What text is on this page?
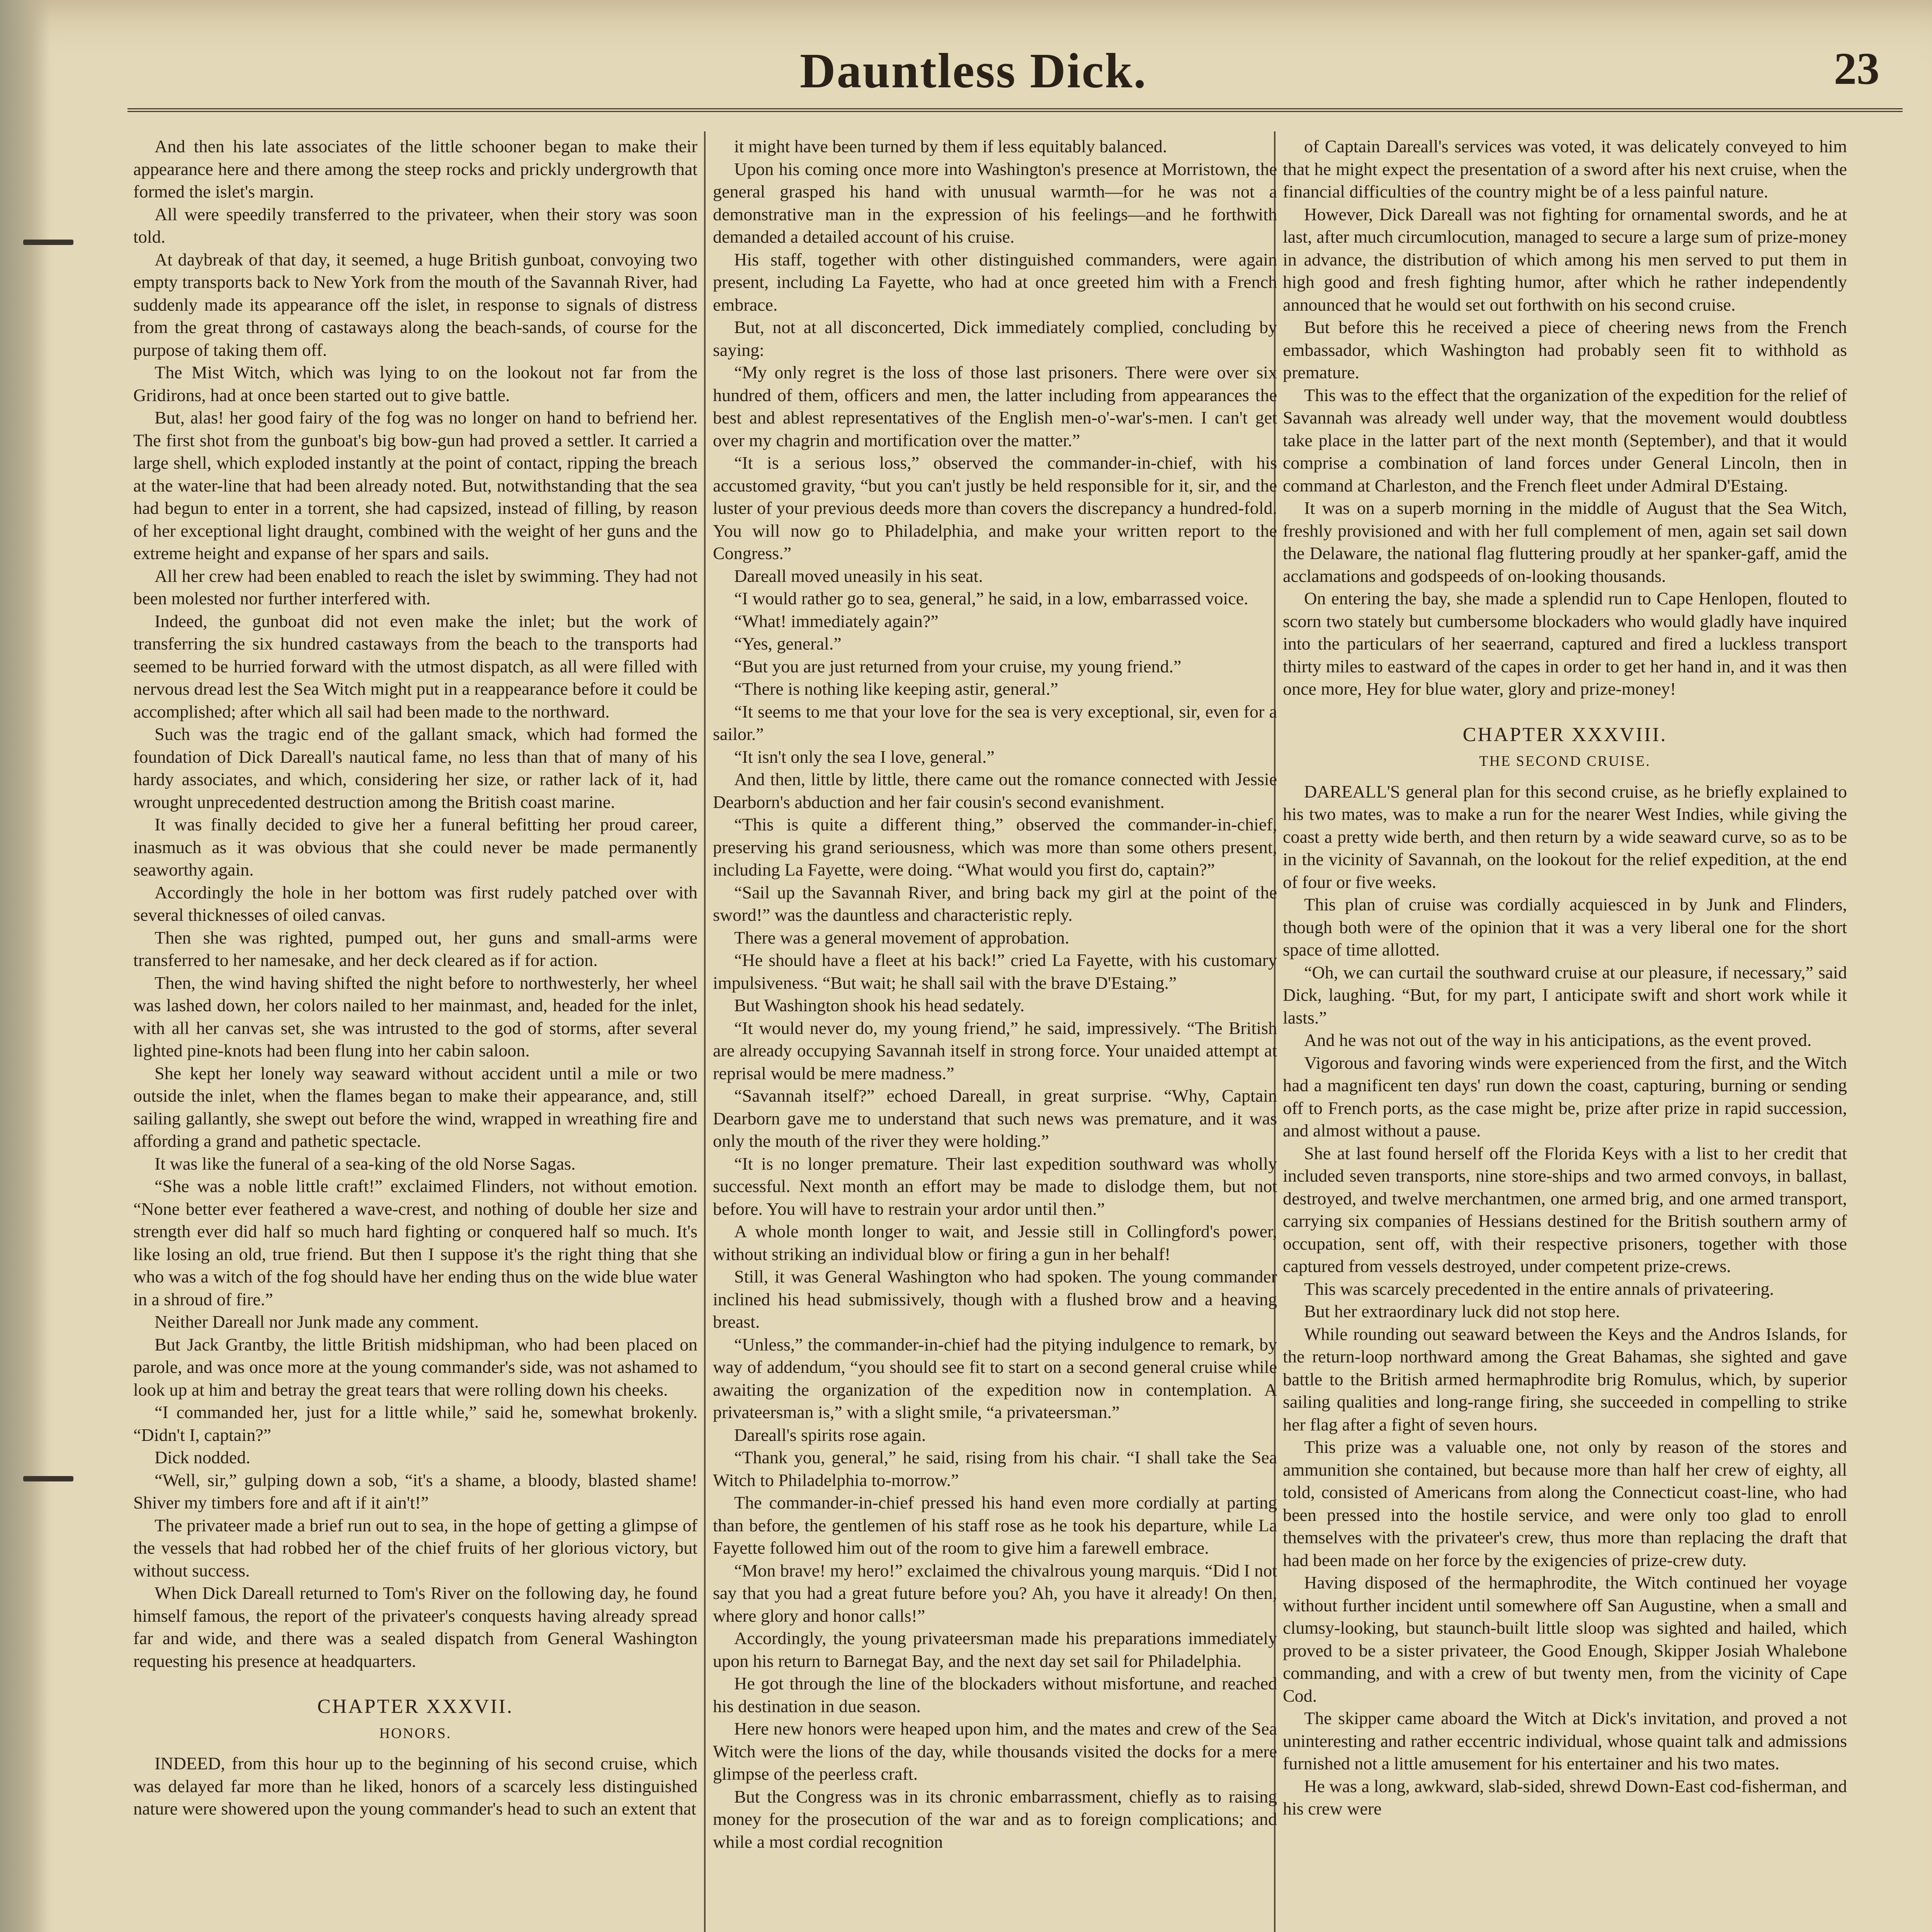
Dauntless Dick.	23

And then his late associates of the little schooner began to make their appearance here and there among the steep rocks and prickly undergrowth that formed the islet's margin.

All were speedily transferred to the privateer, when their story was soon told.

At daybreak of that day, it seemed, a huge British gunboat, convoying two empty transports back to New York from the mouth of the Savannah River, had suddenly made its appearance off the islet, in response to signals of distress from the great throng of castaways along the beach-sands, of course for the purpose of taking them off.

The Mist Witch, which was lying to on the lookout not far from the Gridirons, had at once been started out to give battle.

But, alas! her good fairy of the fog was no longer on hand to befriend her. The first shot from the gunboat's big bow-gun had proved a settler. It carried a large shell, which exploded instantly at the point of contact, ripping the breach at the water-line that had been already noted. But, notwithstanding that the sea had begun to enter in a torrent, she had capsized, instead of filling, by reason of her exceptional light draught, combined with the weight of her guns and the extreme height and expanse of her spars and sails.

All her crew had been enabled to reach the islet by swimming. They had not been molested nor further interfered with.

Indeed, the gunboat did not even make the inlet; but the work of transferring the six hundred castaways from the beach to the transports had seemed to be hurried forward with the utmost dispatch, as all were filled with nervous dread lest the Sea Witch might put in a reappearance before it could be accomplished; after which all sail had been made to the northward.

Such was the tragic end of the gallant smack, which had formed the foundation of Dick Dareall's nautical fame, no less than that of many of his hardy associates, and which, considering her size, or rather lack of it, had wrought unprecedented destruction among the British coast marine.

It was finally decided to give her a funeral befitting her proud career, inasmuch as it was obvious that she could never be made permanently seaworthy again.

Accordingly the hole in her bottom was first rudely patched over with several thicknesses of oiled canvas.

Then she was righted, pumped out, her guns and small-arms were transferred to her namesake, and her deck cleared as if for action.

Then, the wind having shifted the night before to northwesterly, her wheel was lashed down, her colors nailed to her mainmast, and, headed for the inlet, with all her canvas set, she was intrusted to the god of storms, after several lighted pine-knots had been flung into her cabin saloon.

She kept her lonely way seaward without accident until a mile or two outside the inlet, when the flames began to make their appearance, and, still sailing gallantly, she swept out before the wind, wrapped in wreathing fire and affording a grand and pathetic spectacle.

It was like the funeral of a sea-king of the old Norse Sagas.

“She was a noble little craft!” exclaimed Flinders, not without emotion. “None better ever feathered a wave-crest, and nothing of double her size and strength ever did half so much hard fighting or conquered half so much. It's like losing an old, true friend. But then I suppose it's the right thing that she who was a witch of the fog should have her ending thus on the wide blue water in a shroud of fire.”

Neither Dareall nor Junk made any comment.

But Jack Grantby, the little British midshipman, who had been placed on parole, and was once more at the young commander's side, was not ashamed to look up at him and betray the great tears that were rolling down his cheeks.

“I commanded her, just for a little while,” said he, somewhat brokenly. “Didn't I, captain?”

Dick nodded.

“Well, sir,” gulping down a sob, “it's a shame, a bloody, blasted shame! Shiver my timbers fore and aft if it ain't!”

The privateer made a brief run out to sea, in the hope of getting a glimpse of the vessels that had robbed her of the chief fruits of her glorious victory, but without success.

When Dick Dareall returned to Tom's River on the following day, he found himself famous, the report of the privateer's conquests having already spread far and wide, and there was a sealed dispatch from General Washington requesting his presence at headquarters.

CHAPTER XXXVII.
HONORS.

INDEED, from this hour up to the beginning of his second cruise, which was delayed far more than he liked, honors of a scarcely less distinguished nature were showered upon the young commander's head to such an extent that

it might have been turned by them if less equitably balanced.

Upon his coming once more into Washington's presence at Morristown, the general grasped his hand with unusual warmth—for he was not a demonstrative man in the expression of his feelings—and he forthwith demanded a detailed account of his cruise.

His staff, together with other distinguished commanders, were again present, including La Fayette, who had at once greeted him with a French embrace.

But, not at all disconcerted, Dick immediately complied, concluding by saying:

“My only regret is the loss of those last prisoners. There were over six hundred of them, officers and men, the latter including from appearances the best and ablest representatives of the English men-o'-war's-men. I can't get over my chagrin and mortification over the matter.”

“It is a serious loss,” observed the commander-in-chief, with his accustomed gravity, “but you can't justly be held responsible for it, sir, and the luster of your previous deeds more than covers the discrepancy a hundred-fold. You will now go to Philadelphia, and make your written report to the Congress.”

Dareall moved uneasily in his seat.

“I would rather go to sea, general,” he said, in a low, embarrassed voice.

“What! immediately again?”

“Yes, general.”

“But you are just returned from your cruise, my young friend.”

“There is nothing like keeping astir, general.”

“It seems to me that your love for the sea is very exceptional, sir, even for a sailor.”

“It isn't only the sea I love, general.”

And then, little by little, there came out the romance connected with Jessie Dearborn's abduction and her fair cousin's second evanishment.

“This is quite a different thing,” observed the commander-in-chief, preserving his grand seriousness, which was more than some others present, including La Fayette, were doing. “What would you first do, captain?”

“Sail up the Savannah River, and bring back my girl at the point of the sword!” was the dauntless and characteristic reply.

There was a general movement of approbation.

“He should have a fleet at his back!” cried La Fayette, with his customary impulsiveness. “But wait; he shall sail with the brave D'Estaing.”

But Washington shook his head sedately.

“It would never do, my young friend,” he said, impressively. “The British are already occupying Savannah itself in strong force. Your unaided attempt at reprisal would be mere madness.”

“Savannah itself?” echoed Dareall, in great surprise. “Why, Captain Dearborn gave me to understand that such news was premature, and it was only the mouth of the river they were holding.”

“It is no longer premature. Their last expedition southward was wholly successful. Next month an effort may be made to dislodge them, but not before. You will have to restrain your ardor until then.”

A whole month longer to wait, and Jessie still in Collingford's power, without striking an individual blow or firing a gun in her behalf!

Still, it was General Washington who had spoken. The young commander inclined his head submissively, though with a flushed brow and a heaving breast.

“Unless,” the commander-in-chief had the pitying indulgence to remark, by way of addendum, “you should see fit to start on a second general cruise while awaiting the organization of the expedition now in contemplation. A privateersman is,” with a slight smile, “a privateersman.”

Dareall's spirits rose again.

“Thank you, general,” he said, rising from his chair. “I shall take the Sea Witch to Philadelphia to-morrow.”

The commander-in-chief pressed his hand even more cordially at parting than before, the gentlemen of his staff rose as he took his departure, while La Fayette followed him out of the room to give him a farewell embrace.

“Mon brave! my hero!” exclaimed the chivalrous young marquis. “Did I not say that you had a great future before you? Ah, you have it already! On then, where glory and honor calls!”

Accordingly, the young privateersman made his preparations immediately upon his return to Barnegat Bay, and the next day set sail for Philadelphia.

He got through the line of the blockaders without misfortune, and reached his destination in due season.

Here new honors were heaped upon him, and the mates and crew of the Sea Witch were the lions of the day, while thousands visited the docks for a mere glimpse of the peerless craft.

But the Congress was in its chronic embarrassment, chiefly as to raising money for the prosecution of the war and as to foreign complications; and while a most cordial recognition

of Captain Dareall's services was voted, it was delicately conveyed to him that he might expect the presentation of a sword after his next cruise, when the financial difficulties of the country might be of a less painful nature.

However, Dick Dareall was not fighting for ornamental swords, and he at last, after much circumlocution, managed to secure a large sum of prize-money in advance, the distribution of which among his men served to put them in high good and fresh fighting humor, after which he rather independently announced that he would set out forthwith on his second cruise.

But before this he received a piece of cheering news from the French embassador, which Washington had probably seen fit to withhold as premature.

This was to the effect that the organization of the expedition for the relief of Savannah was already well under way, that the movement would doubtless take place in the latter part of the next month (September), and that it would comprise a combination of land forces under General Lincoln, then in command at Charleston, and the French fleet under Admiral D'Estaing.

It was on a superb morning in the middle of August that the Sea Witch, freshly provisioned and with her full complement of men, again set sail down the Delaware, the national flag fluttering proudly at her spanker-gaff, amid the acclamations and godspeeds of on-looking thousands.

On entering the bay, she made a splendid run to Cape Henlopen, flouted to scorn two stately but cumbersome blockaders who would gladly have inquired into the particulars of her seaerrand, captured and fired a luckless transport thirty miles to eastward of the capes in order to get her hand in, and it was then once more, Hey for blue water, glory and prize-money!

CHAPTER XXXVIII.
THE SECOND CRUISE.

DAREALL'S general plan for this second cruise, as he briefly explained to his two mates, was to make a run for the nearer West Indies, while giving the coast a pretty wide berth, and then return by a wide seaward curve, so as to be in the vicinity of Savannah, on the lookout for the relief expedition, at the end of four or five weeks.

This plan of cruise was cordially acquiesced in by Junk and Flinders, though both were of the opinion that it was a very liberal one for the short space of time allotted.

“Oh, we can curtail the southward cruise at our pleasure, if necessary,” said Dick, laughing. “But, for my part, I anticipate swift and short work while it lasts.”

And he was not out of the way in his anticipations, as the event proved.

Vigorous and favoring winds were experienced from the first, and the Witch had a magnificent ten days' run down the coast, capturing, burning or sending off to French ports, as the case might be, prize after prize in rapid succession, and almost without a pause.

She at last found herself off the Florida Keys with a list to her credit that included seven transports, nine store-ships and two armed convoys, in ballast, destroyed, and twelve merchantmen, one armed brig, and one armed transport, carrying six companies of Hessians destined for the British southern army of occupation, sent off, with their respective prisoners, together with those captured from vessels destroyed, under competent prize-crews.

This was scarcely precedented in the entire annals of privateering.

But her extraordinary luck did not stop here.

While rounding out seaward between the Keys and the Andros Islands, for the return-loop northward among the Great Bahamas, she sighted and gave battle to the British armed hermaphrodite brig Romulus, which, by superior sailing qualities and long-range firing, she succeeded in compelling to strike her flag after a fight of seven hours.

This prize was a valuable one, not only by reason of the stores and ammunition she contained, but because more than half her crew of eighty, all told, consisted of Americans from along the Connecticut coast-line, who had been pressed into the hostile service, and were only too glad to enroll themselves with the privateer's crew, thus more than replacing the draft that had been made on her force by the exigencies of prize-crew duty.

Having disposed of the hermaphrodite, the Witch continued her voyage without further incident until somewhere off San Augustine, when a small and clumsy-looking, but staunch-built little sloop was sighted and hailed, which proved to be a sister privateer, the Good Enough, Skipper Josiah Whalebone commanding, and with a crew of but twenty men, from the vicinity of Cape Cod.

The skipper came aboard the Witch at Dick's invitation, and proved a not uninteresting and rather eccentric individual, whose quaint talk and admissions furnished not a little amusement for his entertainer and his two mates.

He was a long, awkward, slab-sided, shrewd Down-East cod-fisherman, and his crew were
